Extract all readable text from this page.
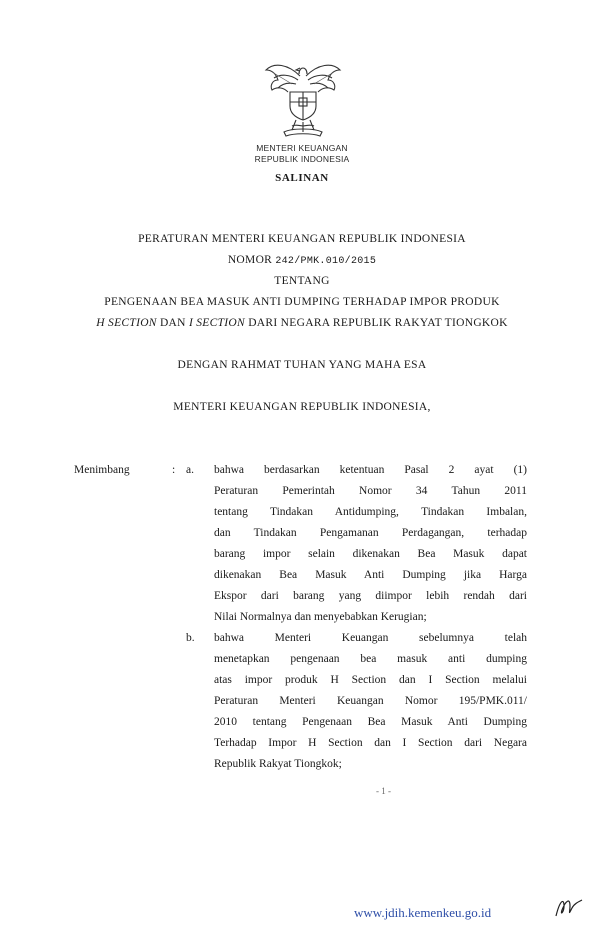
MENTERI KEUANGAN
REPUBLIK INDONESIA
SALINAN
PERATURAN MENTERI KEUANGAN REPUBLIK INDONESIA
NOMOR 242/PMK.010/2015
TENTANG
PENGENAAN BEA MASUK ANTI DUMPING TERHADAP IMPOR PRODUK
H SECTION DAN I SECTION DARI NEGARA REPUBLIK RAKYAT TIONGKOK
DENGAN RAHMAT TUHAN YANG MAHA ESA
MENTERI KEUANGAN REPUBLIK INDONESIA,
Menimbang	: a. bahwa berdasarkan ketentuan Pasal 2 ayat (1)
Peraturan Pemerintah Nomor 34 Tahun 2011
tentang Tindakan Antidumping, Tindakan Imbalan,
dan Tindakan Pengamanan Perdagangan, terhadap
barang impor selain dikenakan Bea Masuk dapat
dikenakan Bea Masuk Anti Dumping jika Harga
Ekspor dari barang yang diimpor lebih rendah dari
Nilai Normalnya dan menyebabkan Kerugian;
b. bahwa Menteri Keuangan sebelumnya telah
menetapkan pengenaan bea masuk anti dumping
atas impor produk H Section dan I Section melalui
Peraturan Menteri Keuangan Nomor 195/PMK.011/
2010 tentang Pengenaan Bea Masuk Anti Dumping
Terhadap Impor H Section dan I Section dari Negara
Republik Rakyat Tiongkok;
- 1 -
www.jdih.kemenkeu.go.id
